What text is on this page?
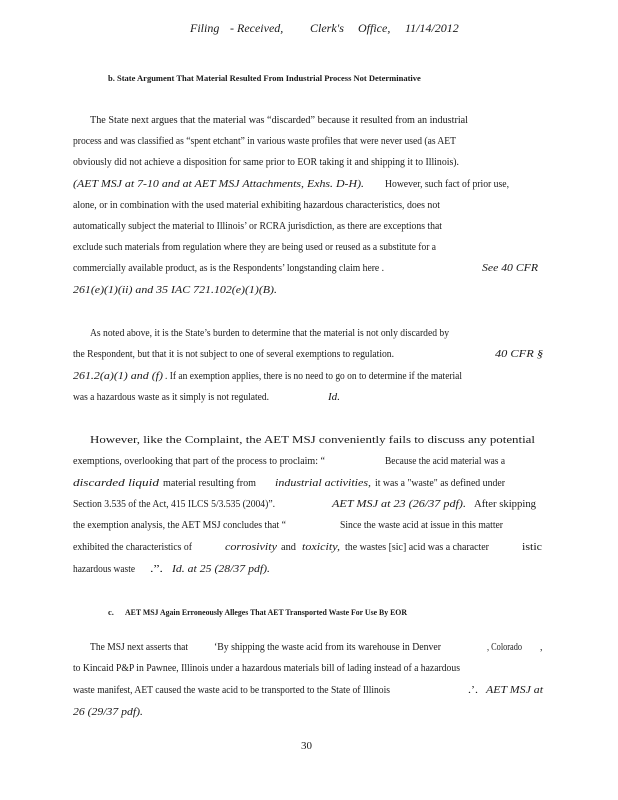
Filing - Received, Clerk's Office, 11/14/2012
b. State Argument That Material Resulted From Industrial Process Not Determinative
The State next argues that the material was “discarded” because it resulted from an industrial
process and was classified as “spent etchant” in various waste profiles that were never used (as AET
obviously did not achieve a disposition for same prior to EOR taking it and shipping it to Illinois).
(AET MSJ at 7-10 and at AET MSJ Attachments, Exhs. D-H). However, such fact of prior use,
alone, or in combination with the used material exhibiting hazardous characteristics, does not
automatically subject the material to Illinois’ or RCRA jurisdiction, as there are exceptions that
exclude such materials from regulation where they are being used or reused as a substitute for a
commercially available product, as is the Respondents’ longstanding claim here .	See 40 CFR
261(e)(1)(ii) and 35 IAC 721.102(e)(1)(B).
As noted above, it is the State’s burden to determine that the material is not only discarded by
the Respondent, but that it is not subject to one of several exemptions to regulation.	40 CFR §
261.2(a)(1) and (f) . If an exemption applies, there is no need to go on to determine if the material
was a hazardous waste as it simply is not regulated.	Id.
However, like the Complaint, the AET MSJ conveniently fails to discuss any potential
exemptions, overlooking that part of the process to proclaim: “	Because the acid material was a
discarded liquid material resulting from industrial activities, it was a "waste" as defined under
Section 3.535 of the Act, 415 ILCS 5/3.535 (2004)”.	AET MSJ at 23 (26/37 pdf). After skipping
the exemption analysis, the AET MSJ concludes that “	Since the waste acid at issue in this matter
exhibited the characteristics of	corrosivity and toxicity, the wastes [sic] acid was a character	istic
hazardous waste .”. Id. at 25 (28/37 pdf).
c. AET MSJ Again Erroneously Alleges That AET Transported Waste For Use By EOR
The MSJ next asserts that	‘By shipping the waste acid from its warehouse in Denver	, Colorado ,
to Kincaid P&P in Pawnee, Illinois under a hazardous materials bill of lading instead of a hazardous
waste manifest, AET caused the waste acid to be transported to the State of Illinois	.’. AET MSJ at
26 (29/37 pdf).
30
